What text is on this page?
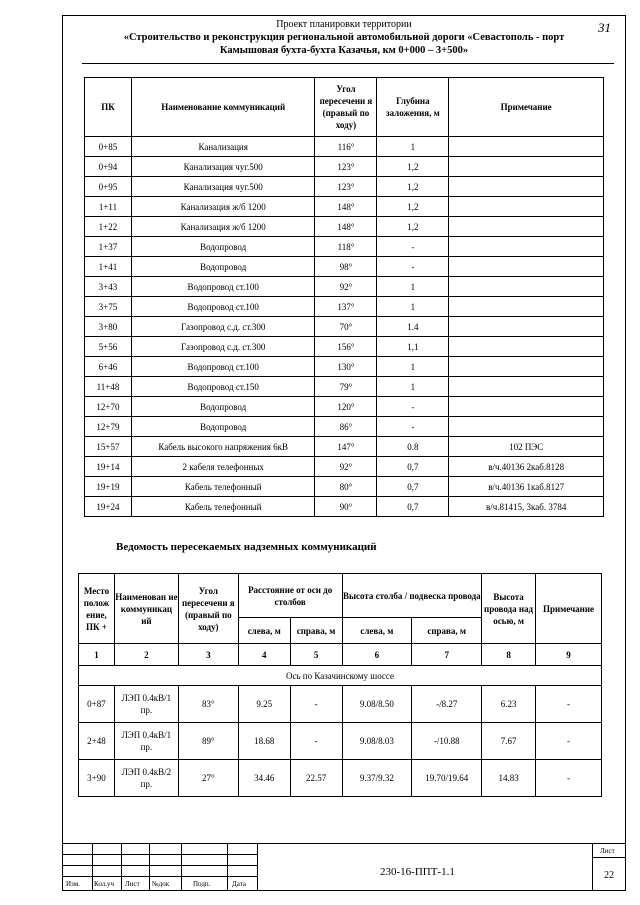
31
Проект планировки территории
«Строительство и реконструкция региональной автомобильной дороги «Севастополь - порт
Камышовая бухта-бухта Казачья, км 0+000 – 3+500»
ПК	Наименование коммуникаций	Угол пересечени я (правый по ходу)	Глубина заложения, м	Примечание
0+85	Канализация	116°	1	
0+94	Канализация чуг.500	123°	1,2	
0+95	Канализация чуг.500	123°	1,2	
1+11	Канализация ж/б 1200	148°	1,2	
1+22	Канализация ж/б 1200	148°	1,2	
1+37	Водопровод	118°	-	
1+41	Водопровод	98°	-	
3+43	Водопровод ст.100	92°	1	
3+75	Водопровод ст.100	137°	1	
3+80	Газопровод с.д. ст.300	70°	1.4	
5+56	Газопровод с.д. ст.300	156°	1,1	
6+46	Водопровод ст.100	130°	1	
11+48	Водопровод ст.150	79°	1	
12+70	Водопровод	120°	-	
12+79	Водопровод	86°	-	
15+57	Кабель высокого напряжения 6кВ	147°	0.8	102 ПЭС
19+14	2 кабеля телефонных	92°	0,7	в/ч.40136 2каб.8128
19+19	Кабель телефонный	80°	0,7	в/ч.40136 1каб.8127
19+24	Кабель телефонный	90°	0,7	в/ч.81415, 3каб. 3784
Ведомость пересекаемых надземных коммуникаций
Место полож ение, ПК +	Наименован ие коммуникац ий	Угол пересечени я (правый по ходу)	Расстояние от оси до столбов		Высота столба / подвеска провода		Высота провода над осью, м	Примечание
			слева, м	справа, м	слева, м	справа, м		
1	2	3	4	5	6	7	8	9
Ось по Казачинскому шоссе								
0+87	ЛЭП 0.4кВ/1 пр.	83°	9.25	-	9.08/8.50	-/8.27	6.23	-
2+48	ЛЭП 0.4кВ/1 пр.	89°	18.68	-	9.08/8.03	-/10.88	7.67	-
3+90	ЛЭП 0.4кВ/2 пр.	27°	34.46	22.57	9.37/9.32	19.70/19.64	14.83	-
Изм. Кол.уч Лист №док	Подп.	Дата
230-16-ППТ-1.1
Лист
22
